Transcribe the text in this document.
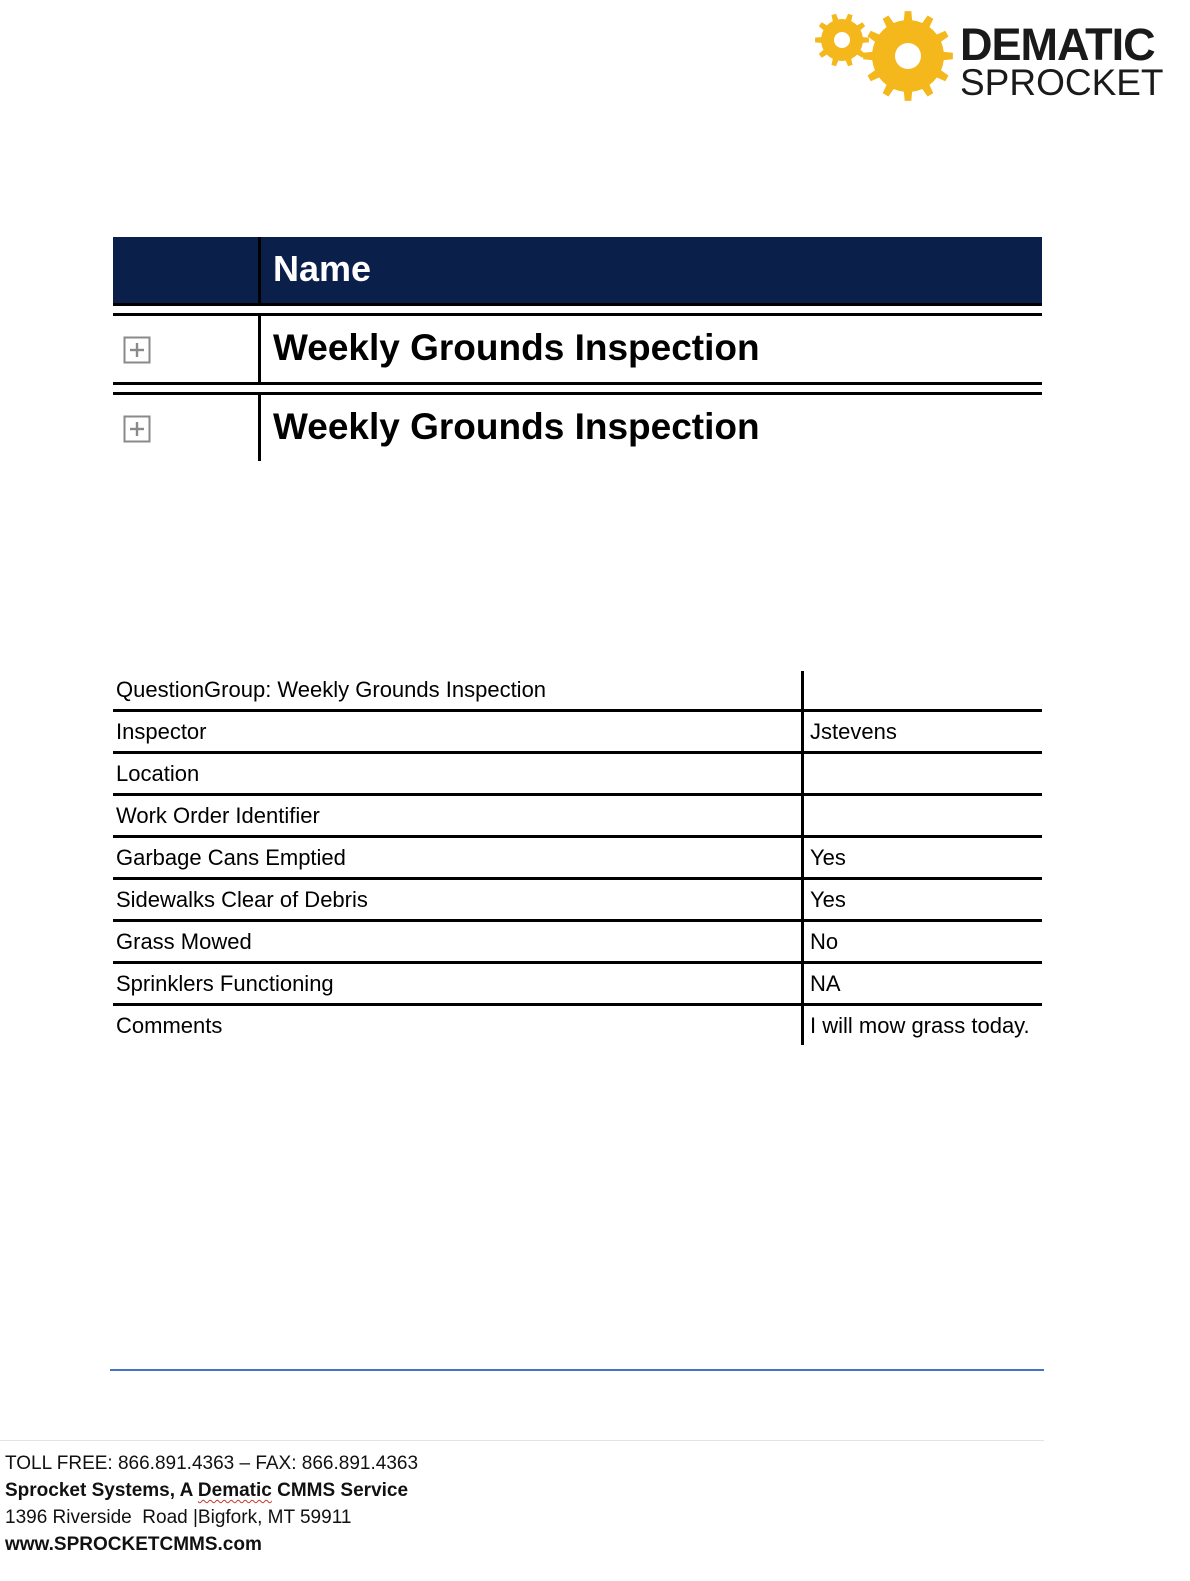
DEMATIC
SPROCKET
Name
Weekly Grounds Inspection
Weekly Grounds Inspection
QuestionGroup: Weekly Grounds Inspection	
Inspector	Jstevens
Location	
Work Order Identifier	
Garbage Cans Emptied	Yes
Sidewalks Clear of Debris	Yes
Grass Mowed	No
Sprinklers Functioning	NA
Comments	I will mow grass today.
TOLL FREE: 866.891.4363 – FAX: 866.891.4363
Sprocket Systems, A Dematic CMMS Service
1396 Riverside  Road |Bigfork, MT 59911
www.SPROCKETCMMS.com
